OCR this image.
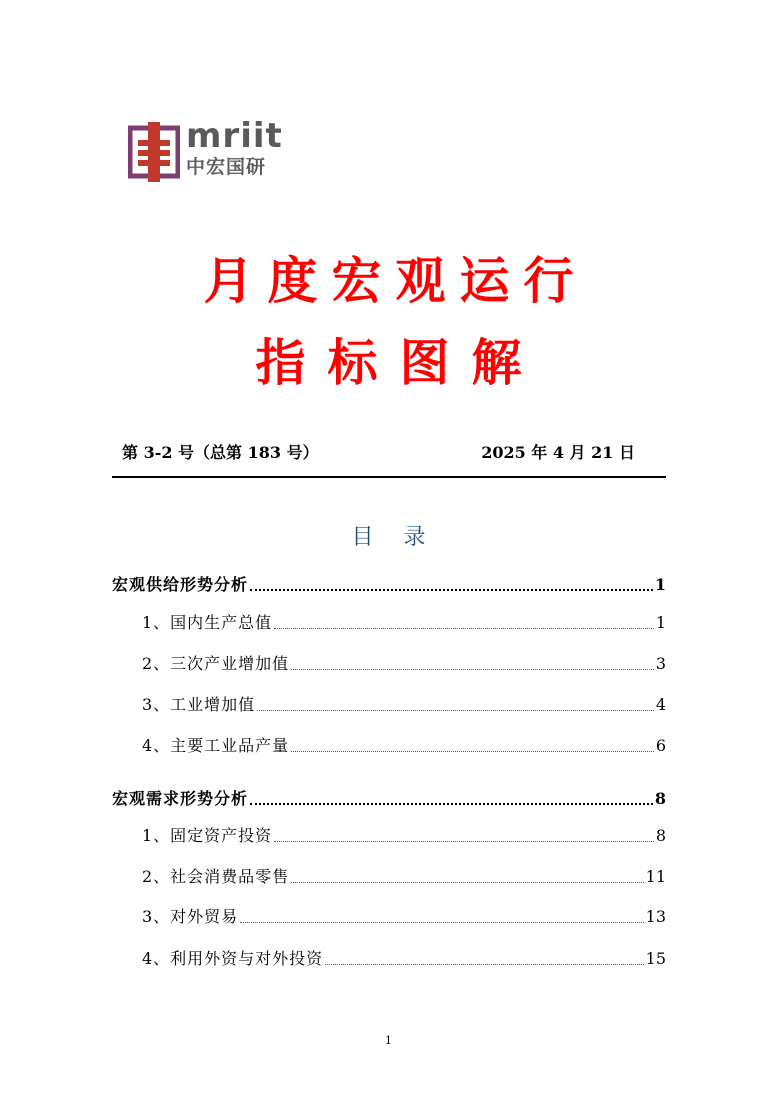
mriit
中宏国研
月度宏观运行
指标图解
第 3-2 号（总第 183 号）	2025 年 4 月 21 日
目录
宏观供给形势分析	1
1、国内生产总值	1
2、三次产业增加值	3
3、工业增加值	4
4、主要工业品产量	6
宏观需求形势分析	8
1、固定资产投资	8
2、社会消费品零售	11
3、对外贸易	13
4、利用外资与对外投资	15
1
